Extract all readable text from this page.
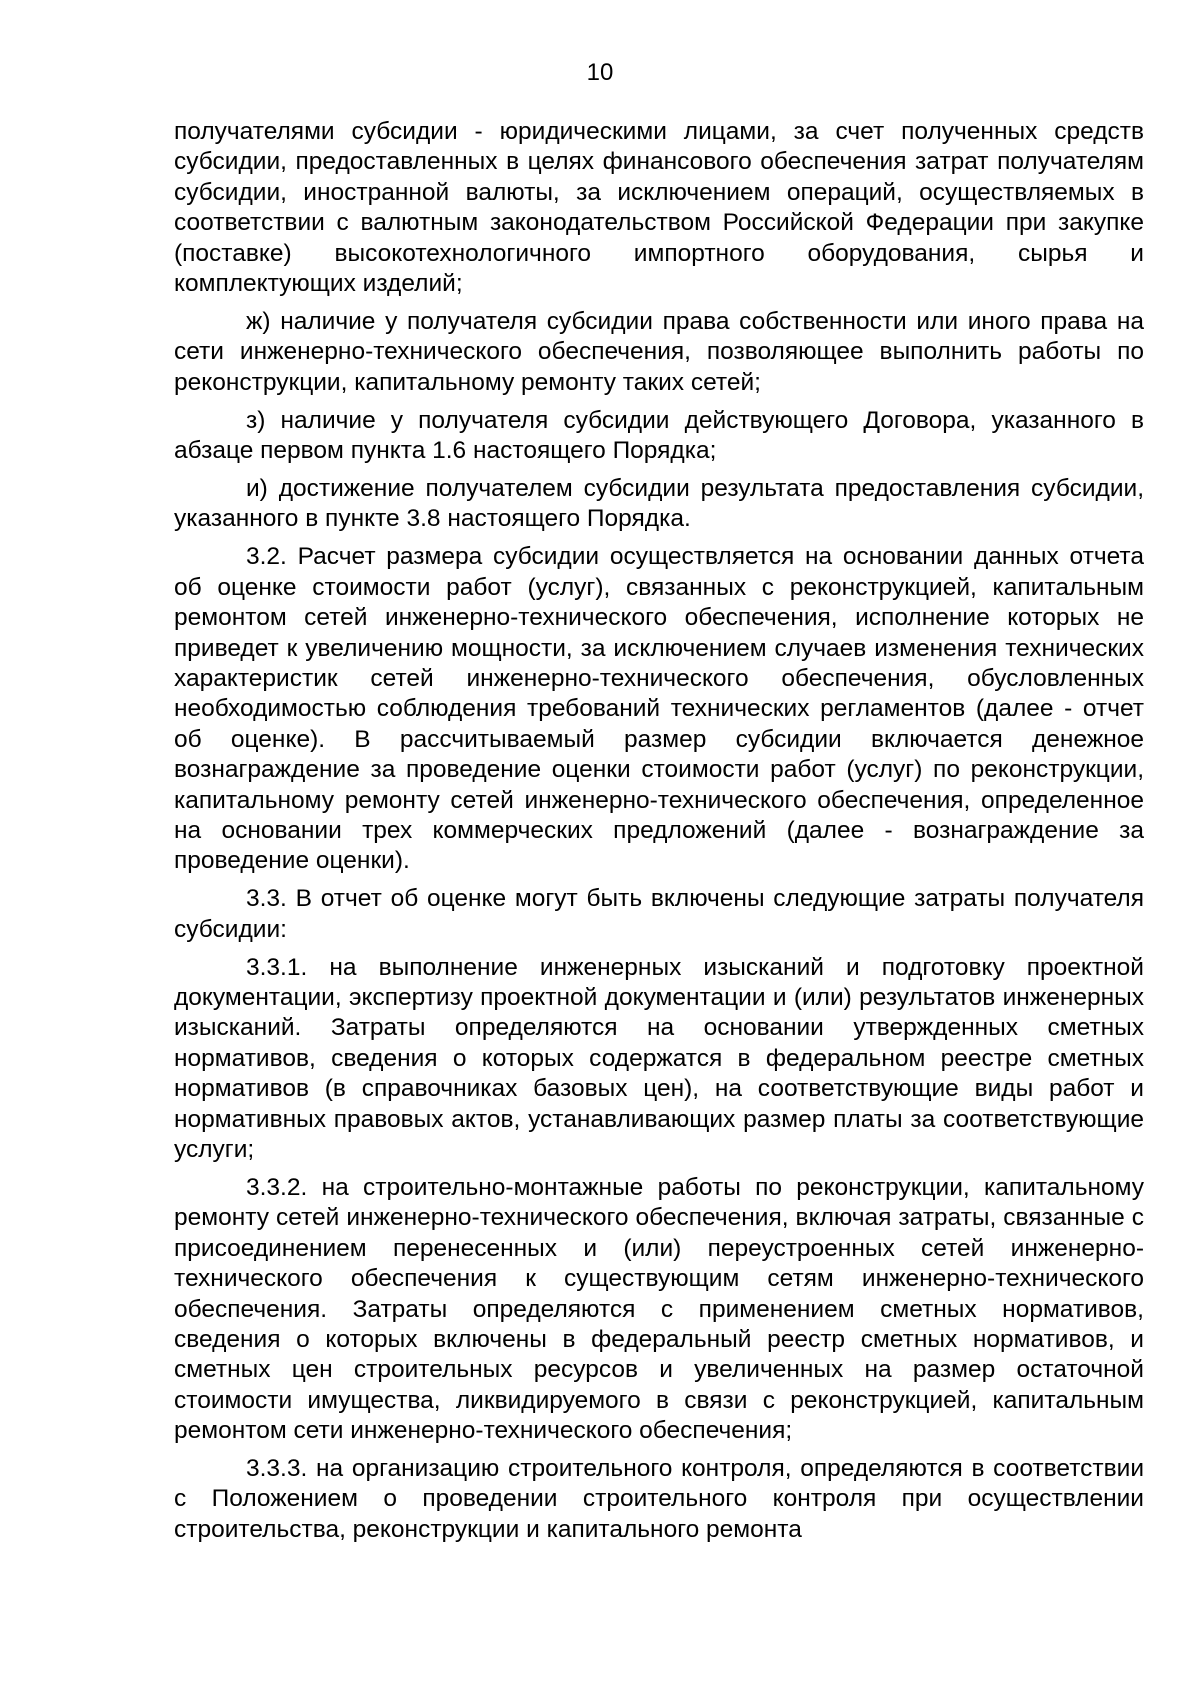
10

получателями субсидии - юридическими лицами, за счет полученных средств субсидии, предоставленных в целях финансового обеспечения затрат получателям субсидии, иностранной валюты, за исключением операций, осуществляемых в соответствии с валютным законодательством Российской Федерации при закупке (поставке) высокотехнологичного импортного оборудования, сырья и комплектующих изделий;

ж) наличие у получателя субсидии права собственности или иного права на сети инженерно-технического обеспечения, позволяющее выполнить работы по реконструкции, капитальному ремонту таких сетей;

з) наличие у получателя субсидии действующего Договора, указанного в абзаце первом пункта 1.6 настоящего Порядка;

и) достижение получателем субсидии результата предоставления субсидии, указанного в пункте 3.8 настоящего Порядка.

3.2. Расчет размера субсидии осуществляется на основании данных отчета об оценке стоимости работ (услуг), связанных с реконструкцией, капитальным ремонтом сетей инженерно-технического обеспечения, исполнение которых не приведет к увеличению мощности, за исключением случаев изменения технических характеристик сетей инженерно-технического обеспечения, обусловленных необходимостью соблюдения требований технических регламентов (далее - отчет об оценке). В рассчитываемый размер субсидии включается денежное вознаграждение за проведение оценки стоимости работ (услуг) по реконструкции, капитальному ремонту сетей инженерно-технического обеспечения, определенное на основании трех коммерческих предложений (далее - вознаграждение за проведение оценки).

3.3. В отчет об оценке могут быть включены следующие затраты получателя субсидии:

3.3.1. на выполнение инженерных изысканий и подготовку проектной документации, экспертизу проектной документации и (или) результатов инженерных изысканий. Затраты определяются на основании утвержденных сметных нормативов, сведения о которых содержатся в федеральном реестре сметных нормативов (в справочниках базовых цен), на соответствующие виды работ и нормативных правовых актов, устанавливающих размер платы за соответствующие услуги;

3.3.2. на строительно-монтажные работы по реконструкции, капитальному ремонту сетей инженерно-технического обеспечения, включая затраты, связанные с присоединением перенесенных и (или) переустроенных сетей инженерно-технического обеспечения к существующим сетям инженерно-технического обеспечения. Затраты определяются с применением сметных нормативов, сведения о которых включены в федеральный реестр сметных нормативов, и сметных цен строительных ресурсов и увеличенных на размер остаточной стоимости имущества, ликвидируемого в связи с реконструкцией, капитальным ремонтом сети инженерно-технического обеспечения;

3.3.3. на организацию строительного контроля, определяются в соответствии с Положением о проведении строительного контроля при осуществлении строительства, реконструкции и капитального ремонта
